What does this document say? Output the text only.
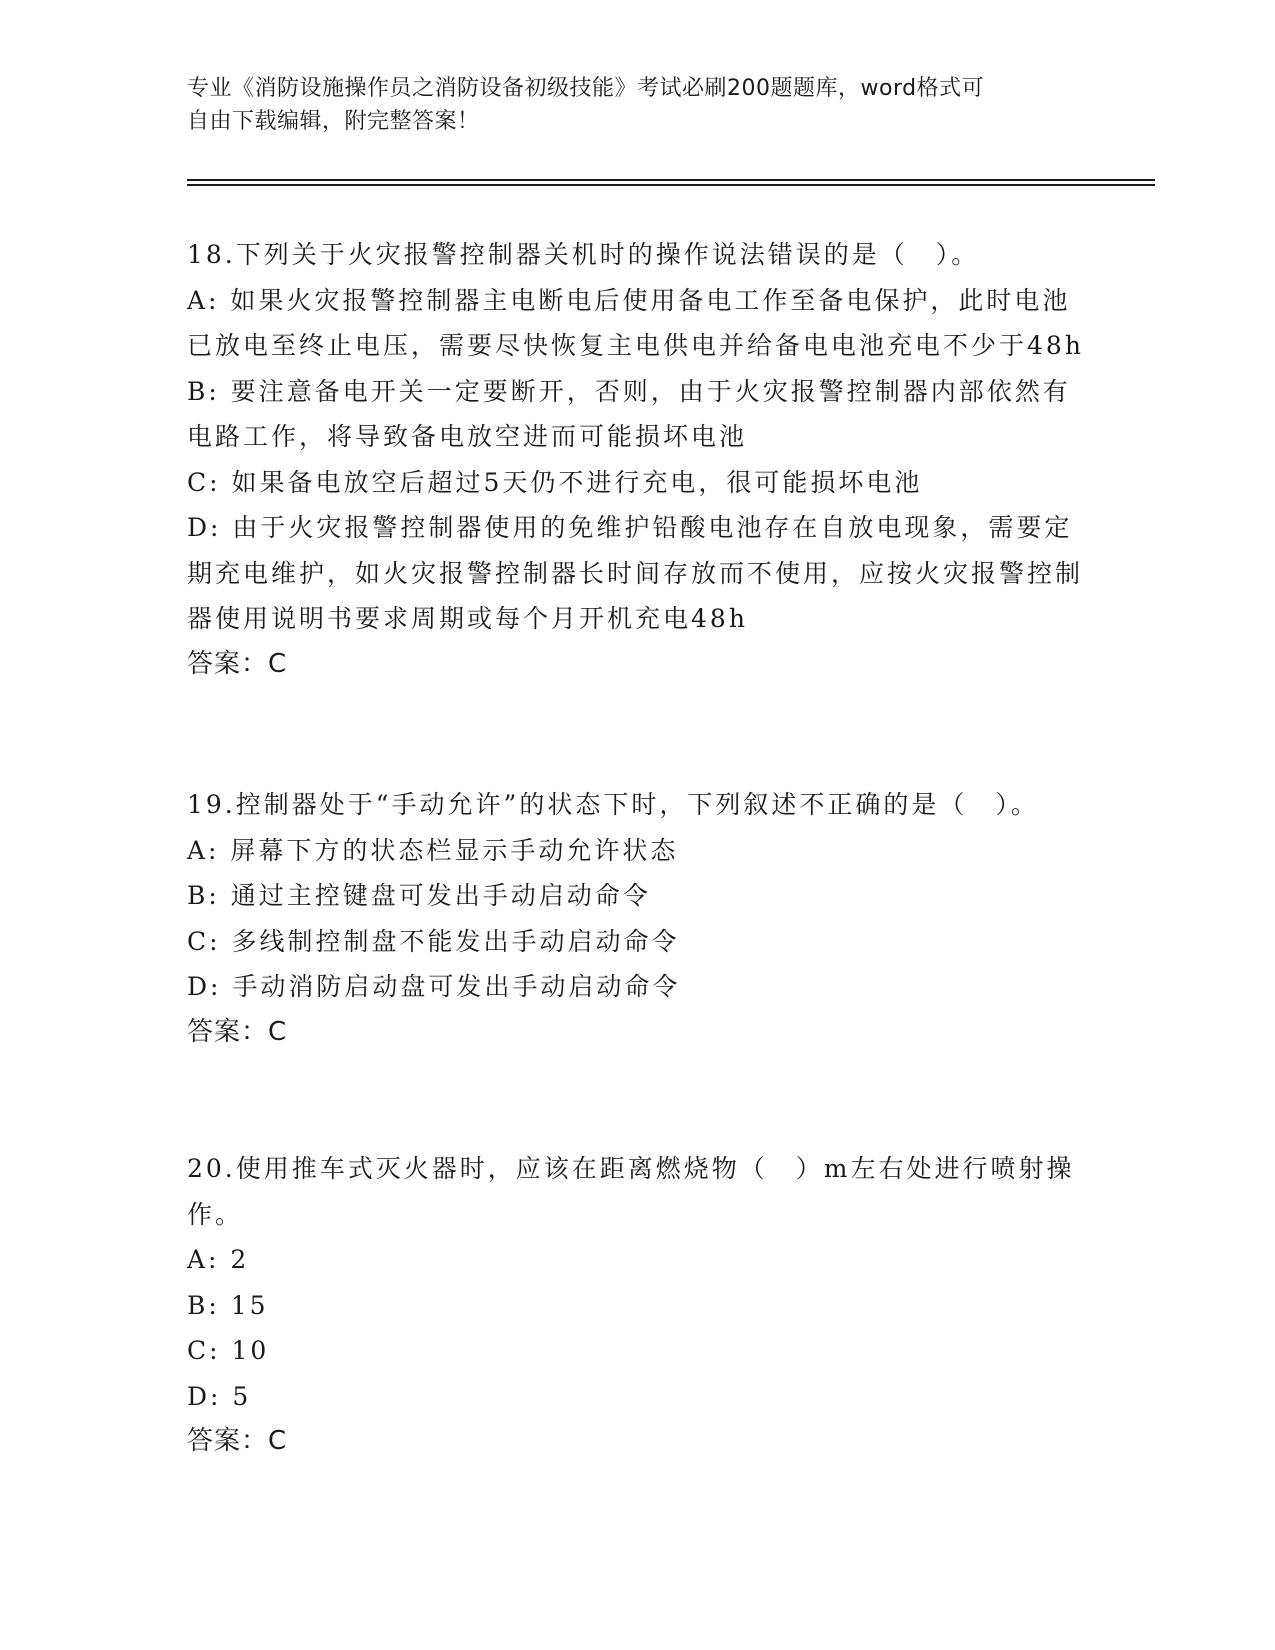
专业《消防设施操作员之消防设备初级技能》考试必刷200题题库，word格式可
自由下载编辑，附完整答案！

18.下列关于火灾报警控制器关机时的操作说法错误的是（　）。

A: 如果火灾报警控制器主电断电后使用备电工作至备电保护，此时电池已放电至终止电压，需要尽快恢复主电供电并给备电电池充电不少于48h

B: 要注意备电开关一定要断开，否则，由于火灾报警控制器内部依然有电路工作，将导致备电放空进而可能损坏电池

C: 如果备电放空后超过5天仍不进行充电，很可能损坏电池

D: 由于火灾报警控制器使用的免维护铅酸电池存在自放电现象，需要定期充电维护，如火灾报警控制器长时间存放而不使用，应按火灾报警控制器使用说明书要求周期或每个月开机充电48h

答案：C

19.控制器处于“手动允许”的状态下时，下列叙述不正确的是（　）。

A: 屏幕下方的状态栏显示手动允许状态

B: 通过主控键盘可发出手动启动命令

C: 多线制控制盘不能发出手动启动命令

D: 手动消防启动盘可发出手动启动命令

答案：C

20.使用推车式灭火器时，应该在距离燃烧物（　）m左右处进行喷射操作。

A: 2

B: 15

C: 10

D: 5

答案：C
